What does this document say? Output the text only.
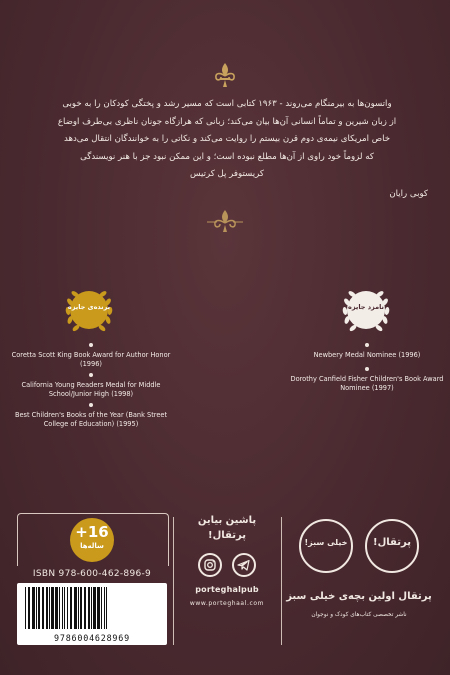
واتسون‌ها به بیرمنگام می‌روند - ۱۹۶۳ کتابی است که مسیر رشد و پختگی کودکان را به خوبی
از زبان شیرین و تماماً انسانی آن‌ها بیان می‌کند؛ زبانی که هرازگاه جونان ناظری بی‌طرف اوضاع
خاص امریکای نیمه‌ی دوم قرن بیستم را روایت می‌کند و نکاتی را به خوانندگان انتقال می‌دهد
که لزوماً خود راوی از آن‌ها مطلع نبوده است؛ و این ممکن نبود جز با هنر نویسندگی
کریستوفر پل کرتیس
کوبی رایان
برنده‌ی جایزه	نامزد جایزه
Coretta Scott King Book Award for Author Honor (1996)
California Young Readers Medal for Middle School/Junior High (1998)
Best Children's Books of the Year (Bank Street College of Education) (1995)
Newbery Medal Nominee (1996)
Dorothy Canfield Fisher Children's Book Award Nominee (1997)
+16
ساله‌ها
ISBN 978-600-462-896-9
9786004628969
پاشین بیاین
پرتقال!
porteghalpub
www.porteghaal.com
پرتقال!
خیلی سبز!
پرتقال اولین بچه‌ی خیلی سبز
ناشر تخصصی کتاب‌های کودک و نوجوان
